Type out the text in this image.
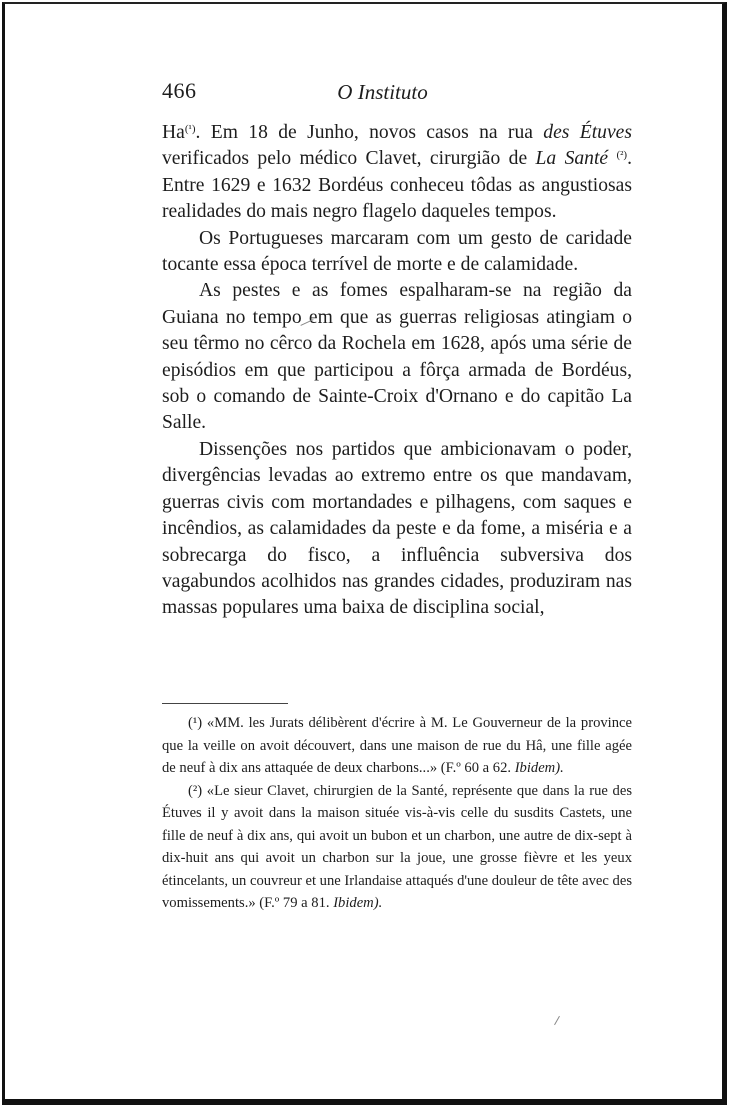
466	O Instituto

Ha$^{(^1)}$. Em 18 de Junho, novos casos na rua des Étuves verificados pelo médico Clavet, cirurgião de La Santé $^{(^2)}$. Entre 1629 e 1632 Bordéus conheceu tôdas as angustiosas realidades do mais negro flagelo daqueles tempos.

Os Portugueses marcaram com um gesto de caridade tocante essa época terrível de morte e de calamidade.

As pestes e as fomes espalharam-se na região da Guiana no tempo em que as guerras religiosas atingiam o seu têrmo no cêrco da Rochela em 1628, após uma série de episódios em que participou a fôrça armada de Bordéus, sob o comando de Sainte-Croix d'Ornano e do capitão La Salle.

Dissenções nos partidos que ambicionavam o poder, divergências levadas ao extremo entre os que mandavam, guerras civis com mortandades e pilhagens, com saques e incêndios, as calamidades da peste e da fome, a miséria e a sobrecarga do fisco, a influência subversiva dos vagabundos acolhidos nas grandes cidades, produziram nas massas populares uma baixa de disciplina social,

(¹) «MM. les Jurats délibèrent d'écrire à M. Le Gouverneur de la province que la veille on avoit découvert, dans une maison de rue du Hâ, une fille agée de neuf à dix ans attaquée de deux charbons...» (F.º 60 a 62. Ibidem).

(²) «Le sieur Clavet, chirurgien de la Santé, représente que dans la rue des Étuves il y avoit dans la maison située vis-à-vis celle du susdits Castets, une fille de neuf à dix ans, qui avoit un bubon et un charbon, une autre de dix-sept à dix-huit ans qui avoit un charbon sur la joue, une grosse fièvre et les yeux étincelants, un couvreur et une Irlandaise attaqués d'une douleur de tête avec des vomissements.» (F.º 79 a 81. Ibidem).
